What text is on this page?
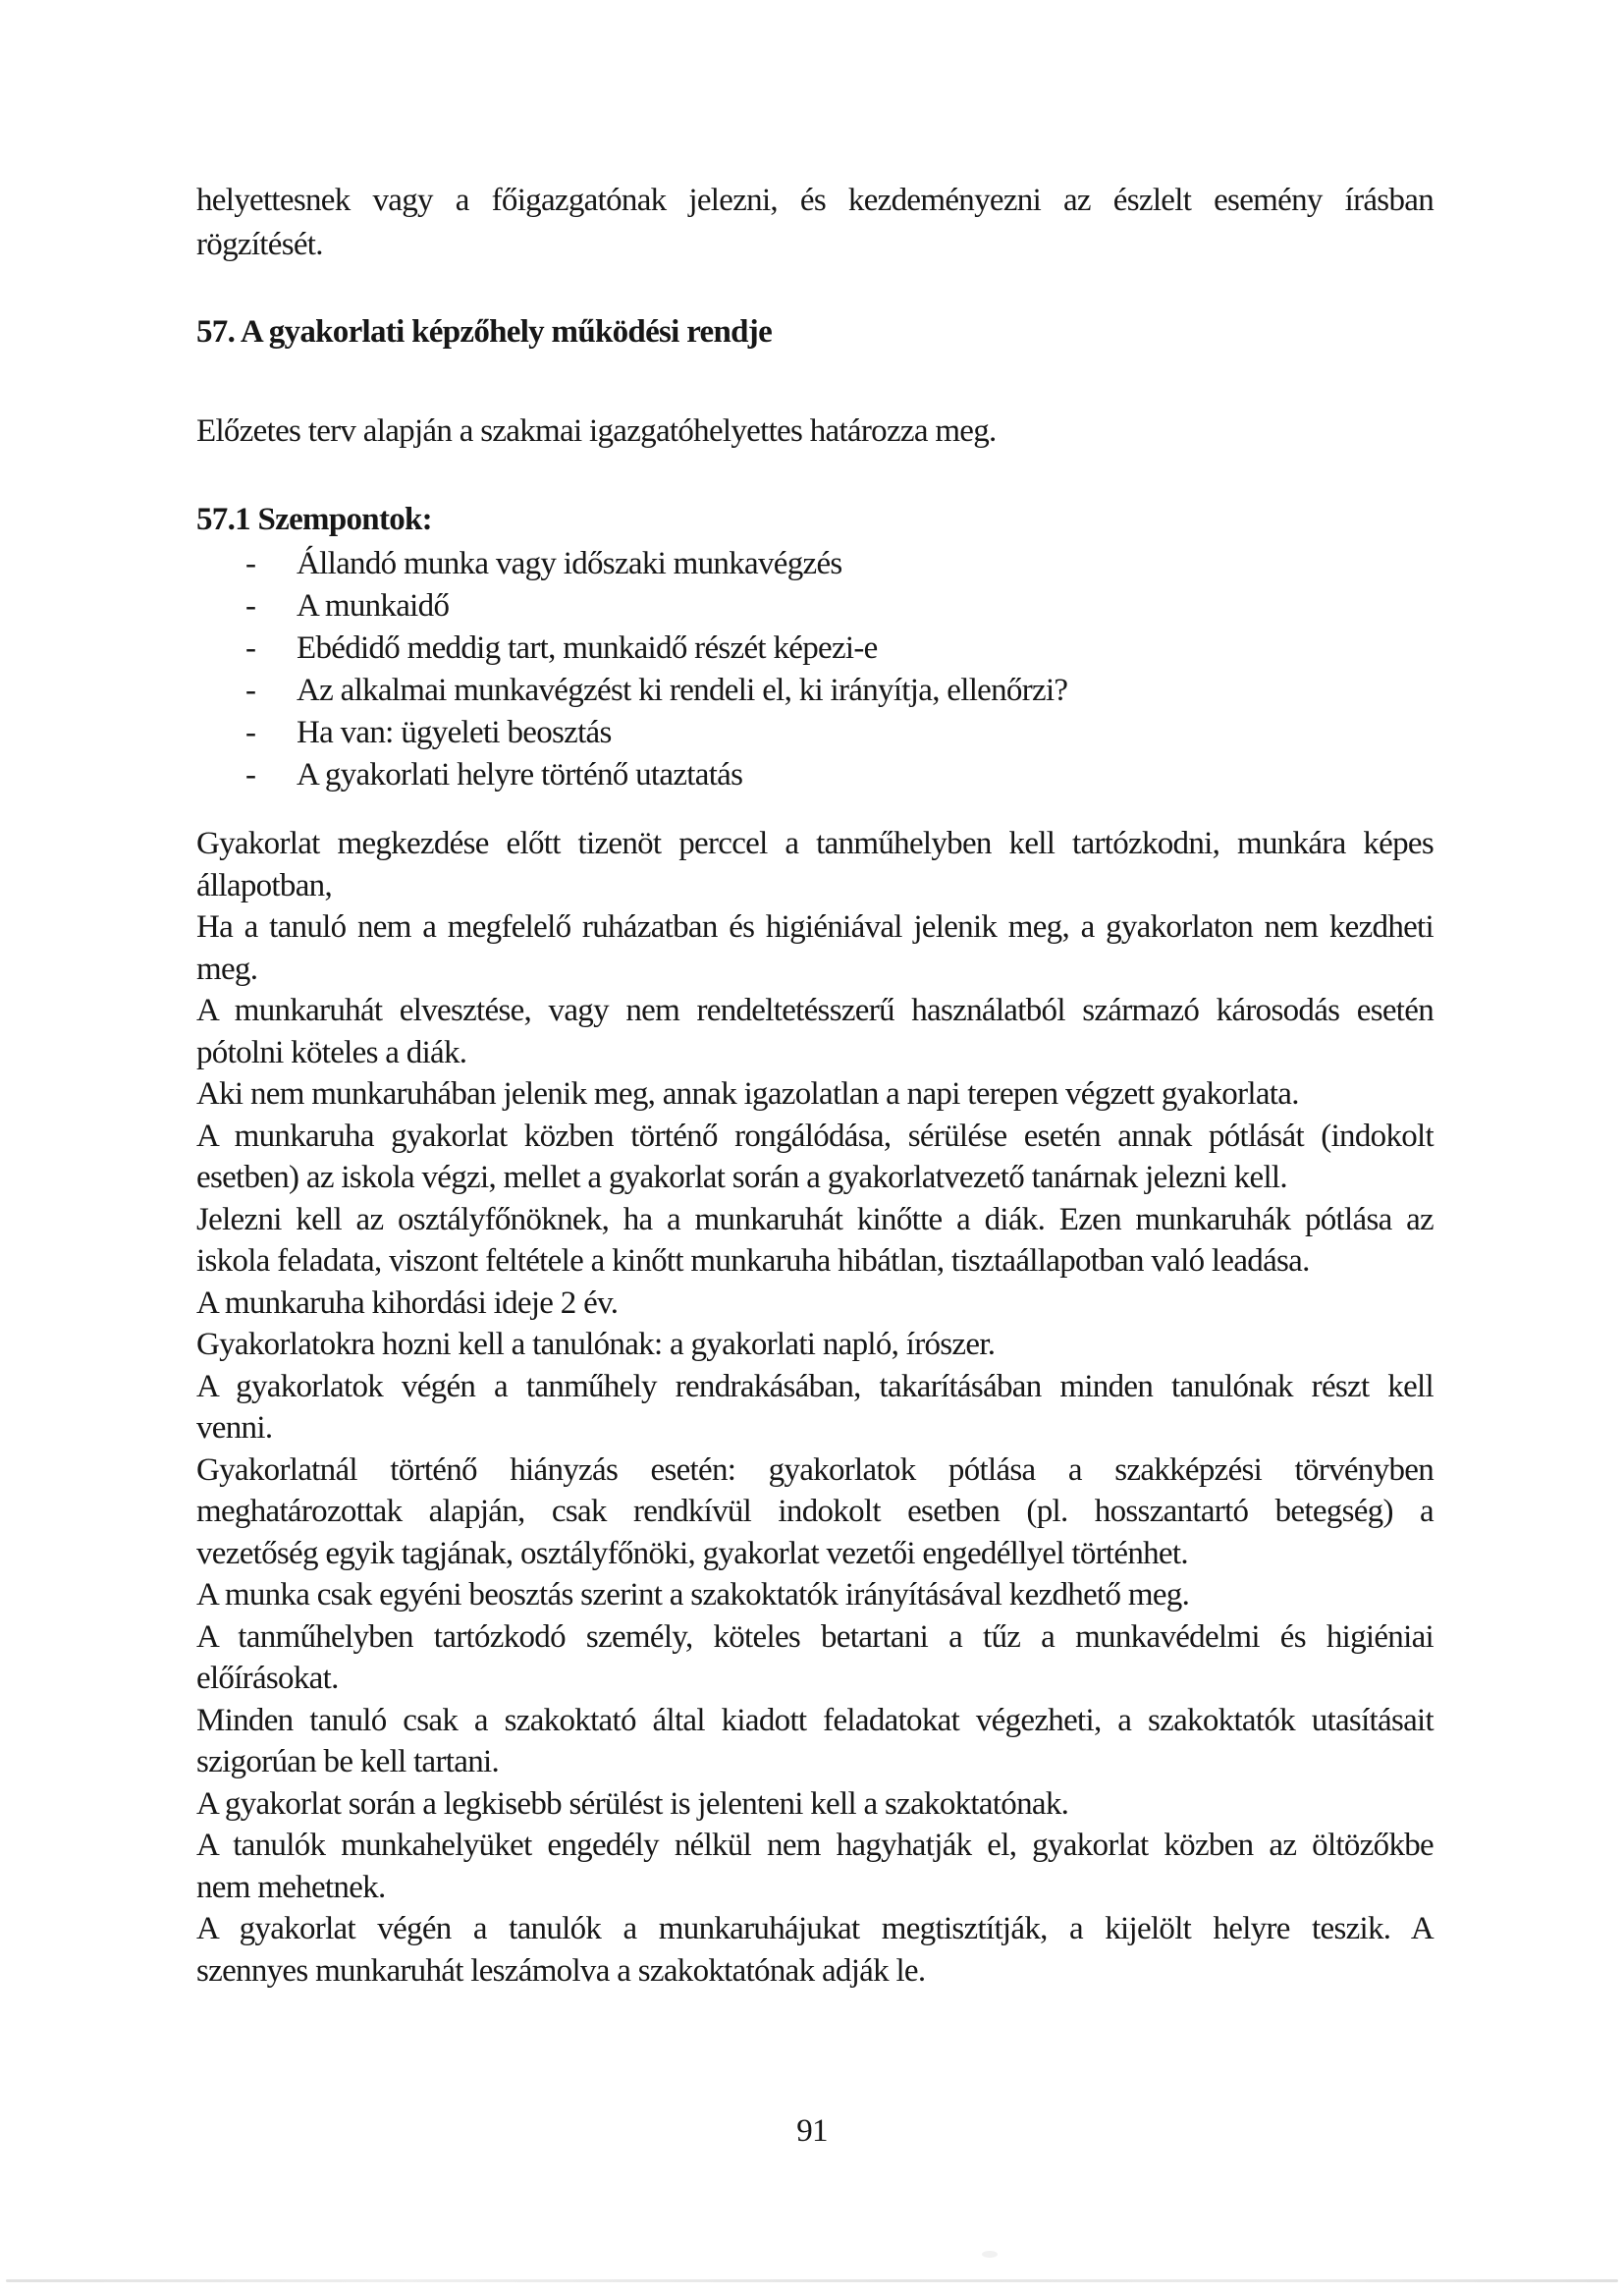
helyettesnek vagy a főigazgatónak jelezni, és kezdeményezni az észlelt esemény írásban
rögzítését.
57. A gyakorlati képzőhely működési rendje
Előzetes terv alapján a szakmai igazgatóhelyettes határozza meg.
57.1 Szempontok:
-	Állandó munka vagy időszaki munkavégzés
-	A munkaidő
-	Ebédidő meddig tart, munkaidő részét képezi-e
-	Az alkalmai munkavégzést ki rendeli el, ki irányítja, ellenőrzi?
-	Ha van: ügyeleti beosztás
-	A gyakorlati helyre történő utaztatás
Gyakorlat megkezdése előtt tizenöt perccel a tanműhelyben kell tartózkodni, munkára képes
állapotban,
Ha a tanuló nem a megfelelő ruházatban és higiéniával jelenik meg, a gyakorlaton nem kezdheti
meg.
A munkaruhát elvesztése, vagy nem rendeltetésszerű használatból származó károsodás esetén
pótolni köteles a diák.
Aki nem munkaruhában jelenik meg, annak igazolatlan a napi terepen végzett gyakorlata.
A munkaruha gyakorlat közben történő rongálódása, sérülése esetén annak pótlását (indokolt
esetben) az iskola végzi, mellet a gyakorlat során a gyakorlatvezető tanárnak jelezni kell.
Jelezni kell az osztályfőnöknek, ha a munkaruhát kinőtte a diák. Ezen munkaruhák pótlása az
iskola feladata, viszont feltétele a kinőtt munkaruha hibátlan, tisztaállapotban való leadása.
A munkaruha kihordási ideje 2 év.
Gyakorlatokra hozni kell a tanulónak: a gyakorlati napló, írószer.
A gyakorlatok végén a tanműhely rendrakásában, takarításában minden tanulónak részt kell
venni.
Gyakorlatnál történő hiányzás esetén: gyakorlatok pótlása a szakképzési törvényben
meghatározottak alapján, csak rendkívül indokolt esetben (pl. hosszantartó betegség) a
vezetőség egyik tagjának, osztályfőnöki, gyakorlat vezetői engedéllyel történhet.
A munka csak egyéni beosztás szerint a szakoktatók irányításával kezdhető meg.
A tanműhelyben tartózkodó személy, köteles betartani a tűz a munkavédelmi és higiéniai
előírásokat.
Minden tanuló csak a szakoktató által kiadott feladatokat végezheti, a szakoktatók utasításait
szigorúan be kell tartani.
A gyakorlat során a legkisebb sérülést is jelenteni kell a szakoktatónak.
A tanulók munkahelyüket engedély nélkül nem hagyhatják el, gyakorlat közben az öltözőkbe
nem mehetnek.
A gyakorlat végén a tanulók a munkaruhájukat megtisztítják, a kijelölt helyre teszik. A
szennyes munkaruhát leszámolva a szakoktatónak adják le.
91
